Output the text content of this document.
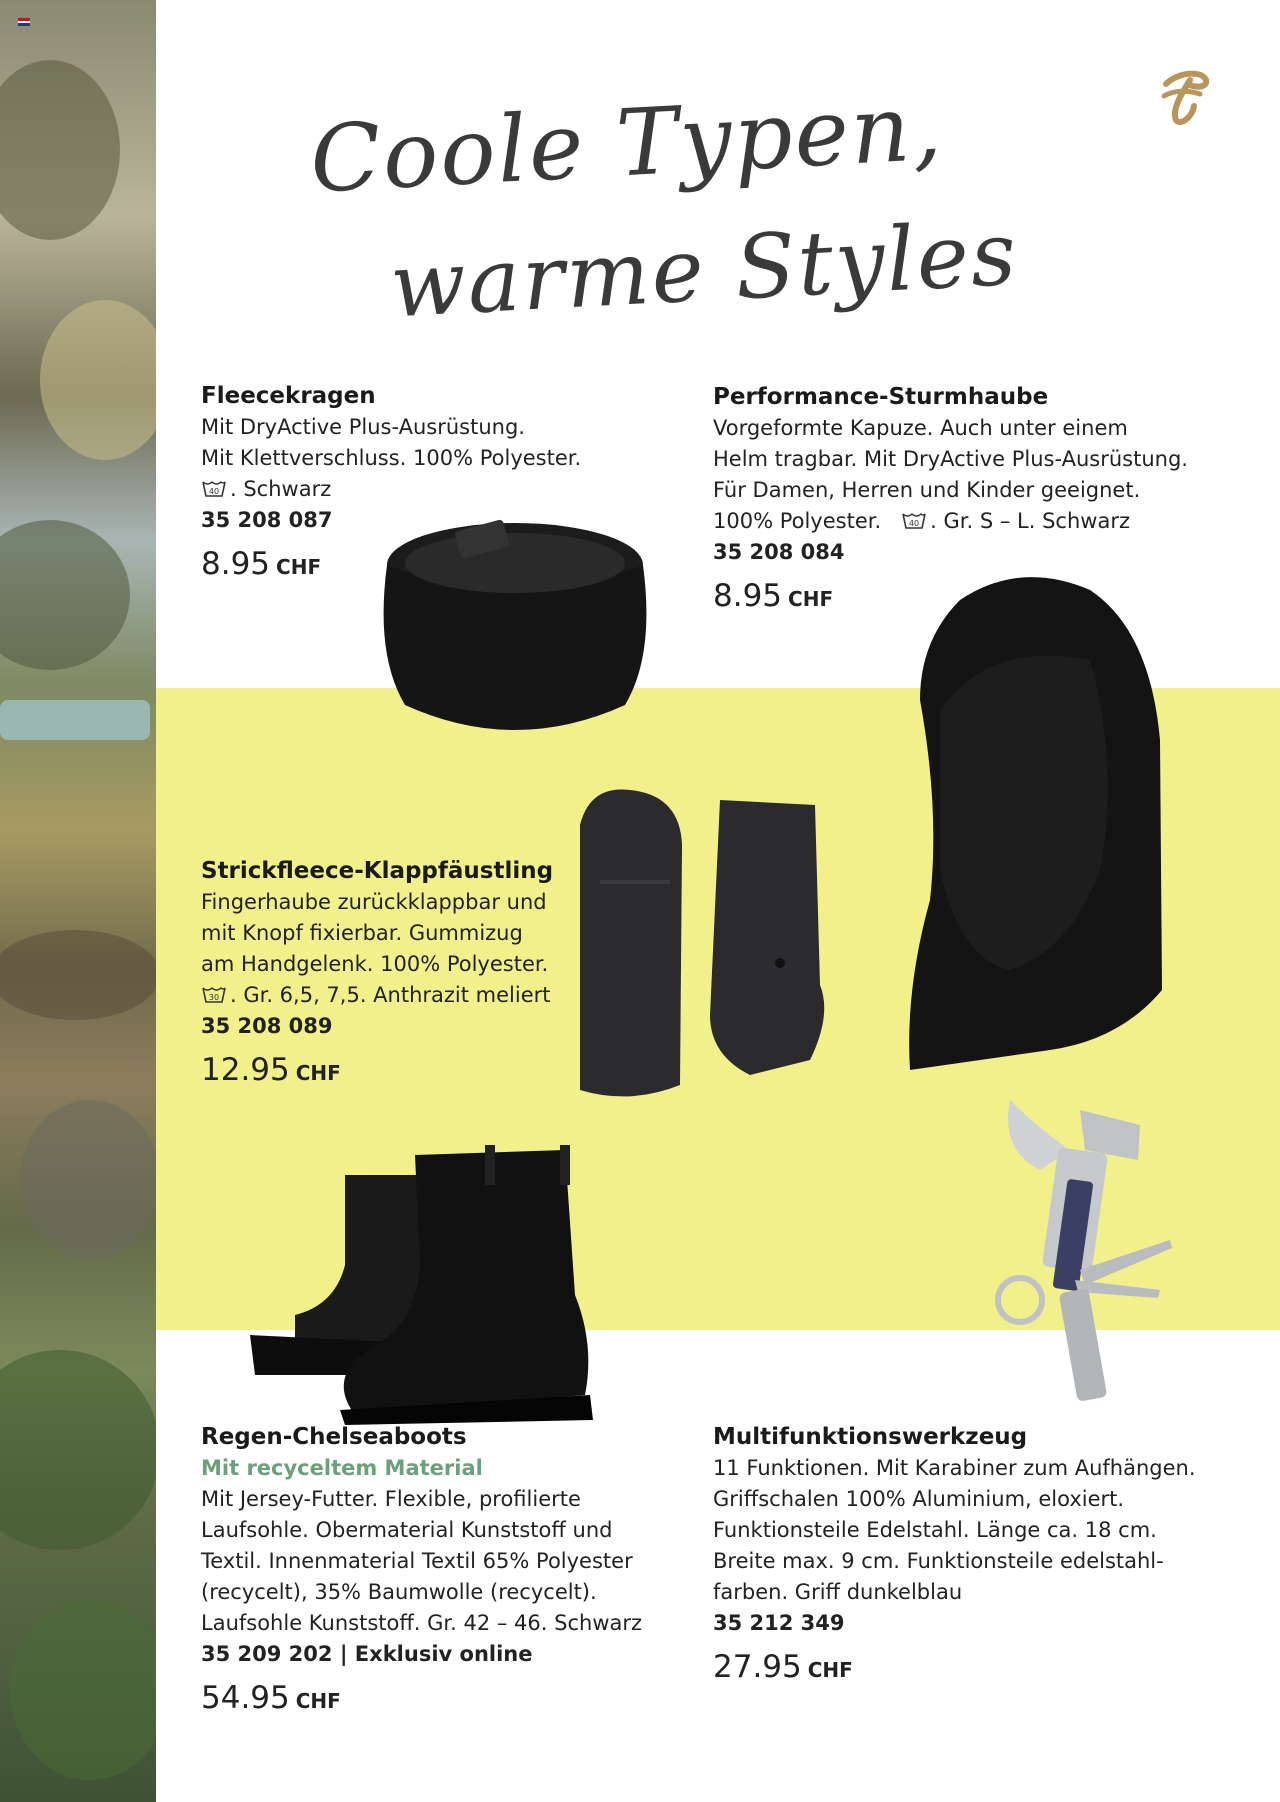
Coole Typen,
warme Styles
Fleecekragen
Mit DryActive Plus-Ausrüstung.
Mit Klettverschluss. 100% Polyester.
40 . Schwarz
35 208 087
8.95 CHF
Performance-Sturmhaube
Vorgeformte Kapuze. Auch unter einem
Helm tragbar. Mit DryActive Plus-Ausrüstung.
Für Damen, Herren und Kinder geeignet.
100% Polyester.	40 . Gr. S – L. Schwarz
35 208 084
8.95 CHF
Strickfleece-Klappfäustling
Fingerhaube zurückklappbar und
mit Knopf fixierbar. Gummizug
am Handgelenk. 100% Polyester.
30 . Gr. 6,5, 7,5. Anthrazit meliert
35 208 089
12.95 CHF
Regen-Chelseaboots
Mit recyceltem Material
Mit Jersey-Futter. Flexible, profilierte
Laufsohle. Obermaterial Kunststoff und
Textil. Innenmaterial Textil 65% Polyester
(recycelt), 35% Baumwolle (recycelt).
Laufsohle Kunststoff. Gr. 42 – 46. Schwarz
35 209 202 | Exklusiv online
54.95 CHF
Multifunktionswerkzeug
11 Funktionen. Mit Karabiner zum Aufhängen.
Griffschalen 100% Aluminium, eloxiert.
Funktionsteile Edelstahl. Länge ca. 18 cm.
Breite max. 9 cm. Funktionsteile edelstahl-
farben. Griff dunkelblau
35 212 349
27.95 CHF
